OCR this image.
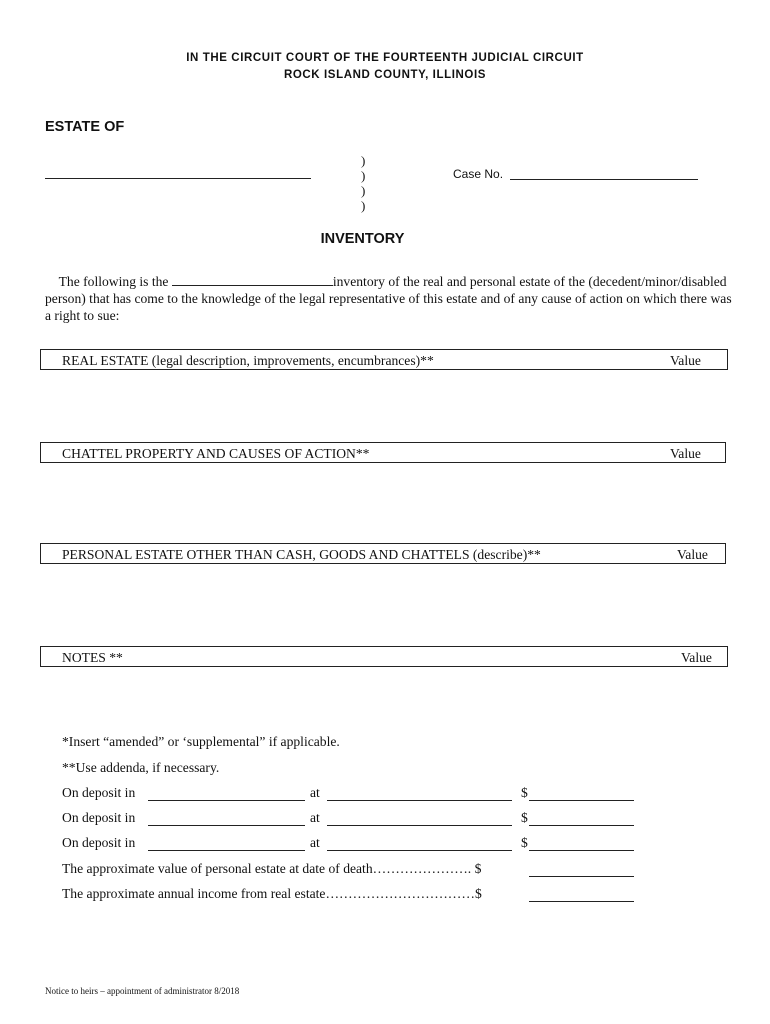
IN THE CIRCUIT COURT OF THE FOURTEENTH JUDICIAL CIRCUIT
ROCK ISLAND COUNTY, ILLINOIS
ESTATE OF
)
)
)
)
Case No.
INVENTORY
The following is the	inventory of the real and personal estate of the (decedent/minor/disabled person) that has come to the knowledge of the legal representative of this estate and of any cause of action on which there was a right to sue:
REAL ESTATE (legal description, improvements, encumbrances)**	Value
CHATTEL PROPERTY AND CAUSES OF ACTION**	Value
PERSONAL ESTATE OTHER THAN CASH, GOODS AND CHATTELS (describe)**	Value
NOTES **	Value
*Insert “amended” or ‘supplemental” if applicable.
**Use addenda, if necessary.
On deposit in	at	$
On deposit in	at	$
On deposit in	at	$
The approximate value of personal estate at date of death…………………. $
The approximate annual income from real estate……………………………$
Notice to heirs – appointment of administrator 8/2018
